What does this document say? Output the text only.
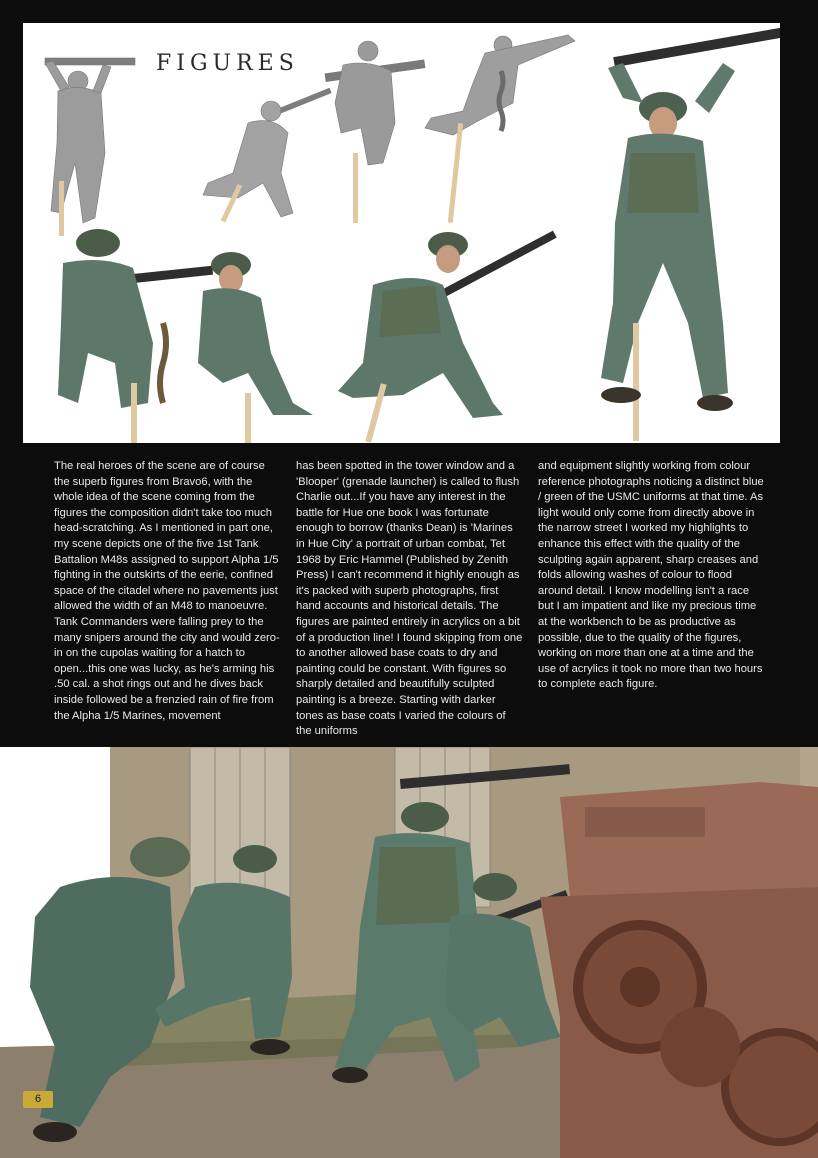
FIGURES
The real heroes of the scene are of course the superb figures from Bravo6, with the whole idea of the scene coming from the figures the composition didn't take too much head-scratching. As I mentioned in part one, my scene depicts one of the five 1st Tank Battalion M48s assigned to support Alpha 1/5 fighting in the outskirts of the eerie, confined space of the citadel where no pavements just allowed the width of an M48 to manoeuvre. Tank Commanders were falling prey to the many snipers around the city and would zero-in on the cupolas waiting for a hatch to open...this one was lucky, as he's arming his .50 cal. a shot rings out and he dives back inside followed be a frenzied rain of fire from the Alpha 1/5 Marines, movement
has been spotted in the tower window and a 'Blooper' (grenade launcher) is called to flush Charlie out...If you have any interest in the battle for Hue one book I was fortunate enough to borrow (thanks Dean) is 'Marines in Hue City' a portrait of urban combat, Tet 1968 by Eric Hammel (Published by Zenith Press) I can't recommend it highly enough as it's packed with superb photographs, first hand accounts and historical details. The figures are painted entirely in acrylics on a bit of a production line! I found skipping from one to another allowed base coats to dry and painting could be constant. With figures so sharply detailed and beautifully sculpted painting is a breeze. Starting with darker tones as base coats I varied the colours of the uniforms
and equipment slightly working from colour reference photographs noticing a distinct blue / green of the USMC uniforms at that time. As light would only come from directly above in the narrow street I worked my highlights to enhance this effect with the quality of the sculpting again apparent, sharp creases and folds allowing washes of colour to flood around detail. I know modelling isn't a race but I am impatient and like my precious time at the workbench to be as productive as possible, due to the quality of the figures, working on more than one at a time and the use of acrylics it took no more than two hours to complete each figure.
6
